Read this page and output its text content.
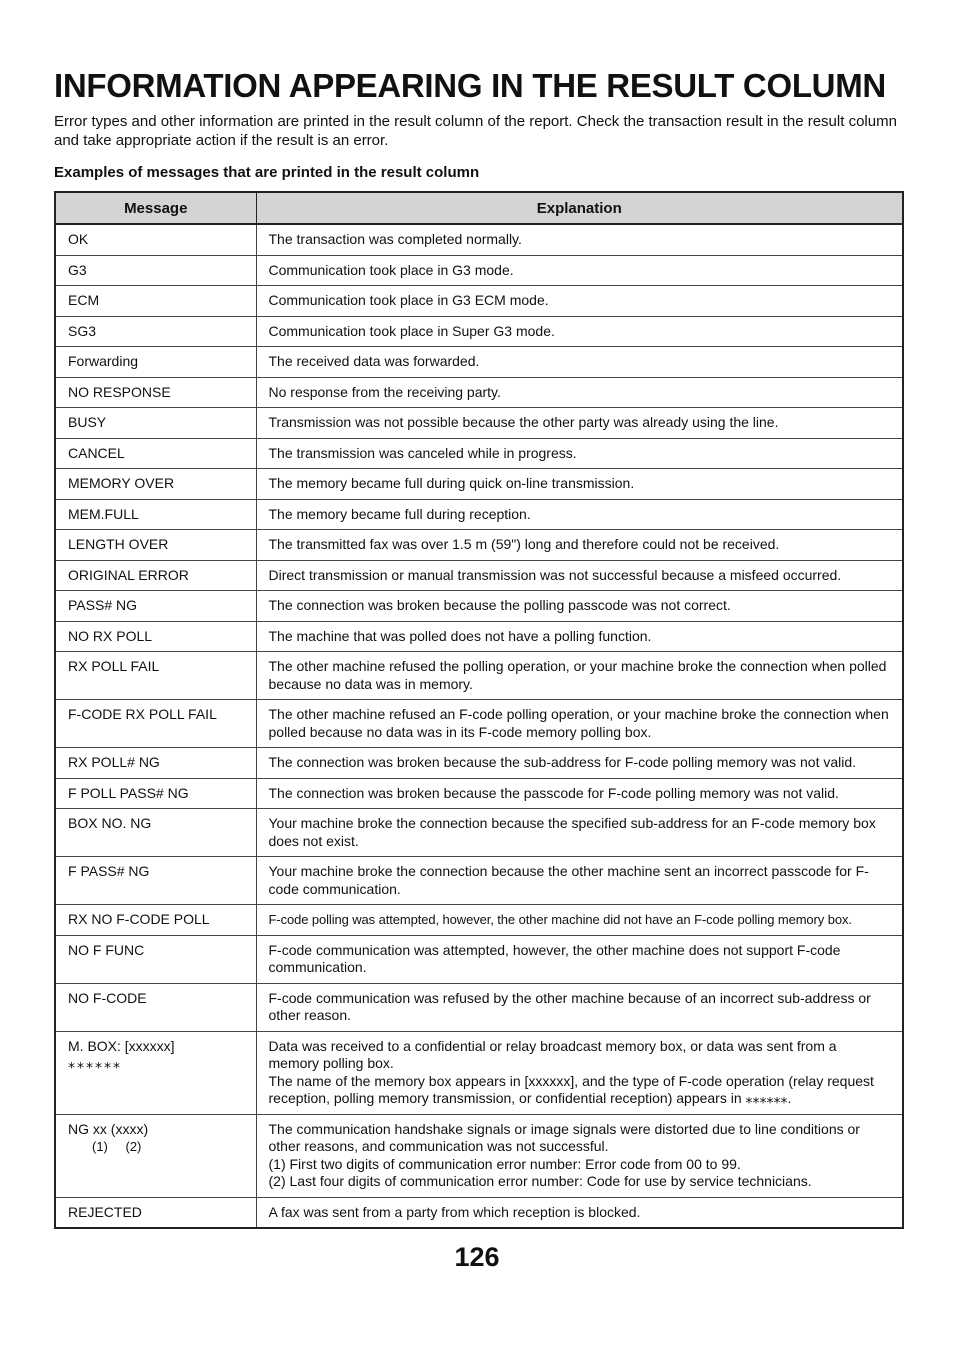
INFORMATION APPEARING IN THE RESULT COLUMN

Error types and other information are printed in the result column of the report. Check the transaction result in the result column and take appropriate action if the result is an error.

Examples of messages that are printed in the result column

Message	Explanation

OK	The transaction was completed normally.

G3	Communication took place in G3 mode.

ECM	Communication took place in G3 ECM mode.

SG3	Communication took place in Super G3 mode.

Forwarding	The received data was forwarded.

NO RESPONSE	No response from the receiving party.

BUSY	Transmission was not possible because the other party was already using the line.

CANCEL	The transmission was canceled while in progress.

MEMORY OVER	The memory became full during quick on-line transmission.

MEM.FULL	The memory became full during reception.

LENGTH OVER	The transmitted fax was over 1.5 m (59") long and therefore could not be received.

ORIGINAL ERROR	Direct transmission or manual transmission was not successful because a misfeed occurred.

PASS# NG	The connection was broken because the polling passcode was not correct.

NO RX POLL	The machine that was polled does not have a polling function.

RX POLL FAIL	The other machine refused the polling operation, or your machine broke the connection when polled because no data was in memory.

F-CODE RX POLL FAIL	The other machine refused an F-code polling operation, or your machine broke the connection when polled because no data was in its F-code memory polling box.

RX POLL# NG	The connection was broken because the sub-address for F-code polling memory was not valid.

F POLL PASS# NG	The connection was broken because the passcode for F-code polling memory was not valid.

BOX NO. NG	Your machine broke the connection because the specified sub-address for an F-code memory box does not exist.

F PASS# NG	Your machine broke the connection because the other machine sent an incorrect passcode for F-code communication.

RX NO F-CODE POLL	F-code polling was attempted, however, the other machine did not have an F-code polling memory box.

NO F FUNC	F-code communication was attempted, however, the other machine does not support F-code communication.

NO F-CODE	F-code communication was refused by the other machine because of an incorrect sub-address or other reason.

M. BOX: [xxxxxx]
⁎⁎⁎⁎⁎⁎	Data was received to a confidential or relay broadcast memory box, or data was sent from a memory polling box.
The name of the memory box appears in [xxxxxx], and the type of F-code operation (relay request reception, polling memory transmission, or confidential reception) appears in ⁎⁎⁎⁎⁎⁎.

NG xx (xxxx)
(1) (2)	The communication handshake signals or image signals were distorted due to line conditions or other reasons, and communication was not successful.
(1) First two digits of communication error number: Error code from 00 to 99.
(2) Last four digits of communication error number: Code for use by service technicians.

REJECTED	A fax was sent from a party from which reception is blocked.
126
